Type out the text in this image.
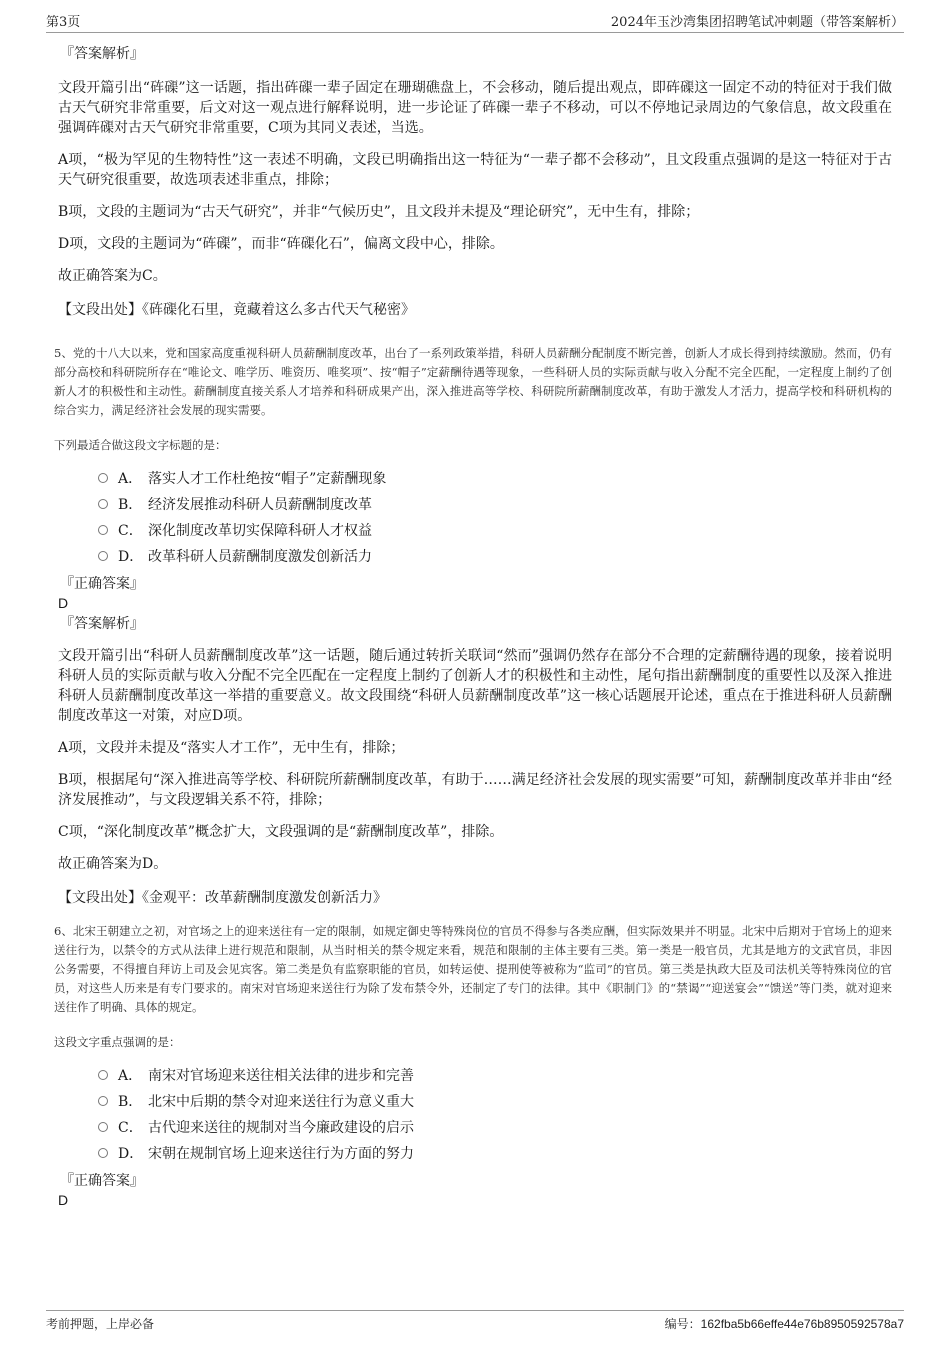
第3页	2024年玉沙湾集团招聘笔试冲刺题（带答案解析）
『答案解析』

文段开篇引出“砗磲”这一话题，指出砗磲一辈子固定在珊瑚礁盘上，不会移动，随后提出观点，即砗磲这一固定不动的特征对于我们做古天气研究非常重要，后文对这一观点进行解释说明，进一步论证了砗磲一辈子不移动，可以不停地记录周边的气象信息，故文段重在强调砗磲对古天气研究非常重要，C项为其同义表述，当选。

A项，“极为罕见的生物特性”这一表述不明确，文段已明确指出这一特征为“一辈子都不会移动”，且文段重点强调的是这一特征对于古天气研究很重要，故选项表述非重点，排除；

B项，文段的主题词为“古天气研究”，并非“气候历史”，且文段并未提及“理论研究”，无中生有，排除；

D项，文段的主题词为“砗磲”，而非“砗磲化石”，偏离文段中心，排除。

故正确答案为C。

【文段出处】《砗磲化石里，竟藏着这么多古代天气秘密》

5、党的十八大以来，党和国家高度重视科研人员薪酬制度改革，出台了一系列政策举措，科研人员薪酬分配制度不断完善，创新人才成长得到持续激励。然而，仍有部分高校和科研院所存在“唯论文、唯学历、唯资历、唯奖项”、按“帽子”定薪酬待遇等现象，一些科研人员的实际贡献与收入分配不完全匹配，一定程度上制约了创新人才的积极性和主动性。薪酬制度直接关系人才培养和科研成果产出，深入推进高等学校、科研院所薪酬制度改革，有助于激发人才活力，提高学校和科研机构的综合实力，满足经济社会发展的现实需要。

下列最适合做这段文字标题的是：

A． 落实人才工作杜绝按“帽子”定薪酬现象
B． 经济发展推动科研人员薪酬制度改革
C． 深化制度改革切实保障科研人才权益
D． 改革科研人员薪酬制度激发创新活力
『正确答案』
D
『答案解析』

文段开篇引出“科研人员薪酬制度改革”这一话题，随后通过转折关联词“然而”强调仍然存在部分不合理的定薪酬待遇的现象，接着说明科研人员的实际贡献与收入分配不完全匹配在一定程度上制约了创新人才的积极性和主动性，尾句指出薪酬制度的重要性以及深入推进科研人员薪酬制度改革这一举措的重要意义。故文段围绕“科研人员薪酬制度改革”这一核心话题展开论述，重点在于推进科研人员薪酬制度改革这一对策，对应D项。

A项，文段并未提及“落实人才工作”，无中生有，排除；

B项，根据尾句“深入推进高等学校、科研院所薪酬制度改革，有助于……满足经济社会发展的现实需要”可知，薪酬制度改革并非由“经济发展推动”，与文段逻辑关系不符，排除；

C项，“深化制度改革”概念扩大，文段强调的是“薪酬制度改革”，排除。

故正确答案为D。

【文段出处】《金观平：改革薪酬制度激发创新活力》

6、北宋王朝建立之初，对官场之上的迎来送往有一定的限制，如规定御史等特殊岗位的官员不得参与各类应酬，但实际效果并不明显。北宋中后期对于官场上的迎来送往行为，以禁令的方式从法律上进行规范和限制，从当时相关的禁令规定来看，规范和限制的主体主要有三类。第一类是一般官员，尤其是地方的文武官员，非因公务需要，不得擅自拜访上司及会见宾客。第二类是负有监察职能的官员，如转运使、提刑使等被称为“监司”的官员。第三类是执政大臣及司法机关等特殊岗位的官员，对这些人历来是有专门要求的。南宋对官场迎来送往行为除了发布禁令外，还制定了专门的法律。其中《职制门》的“禁谒”“迎送宴会”“馈送”等门类，就对迎来送往作了明确、具体的规定。

这段文字重点强调的是：

A． 南宋对官场迎来送往相关法律的进步和完善
B． 北宋中后期的禁令对迎来送往行为意义重大
C． 古代迎来送往的规制对当今廉政建设的启示
D． 宋朝在规制官场上迎来送往行为方面的努力
『正确答案』
D
考前押题，上岸必备	编号：162fba5b66effe44e76b8950592578a7
